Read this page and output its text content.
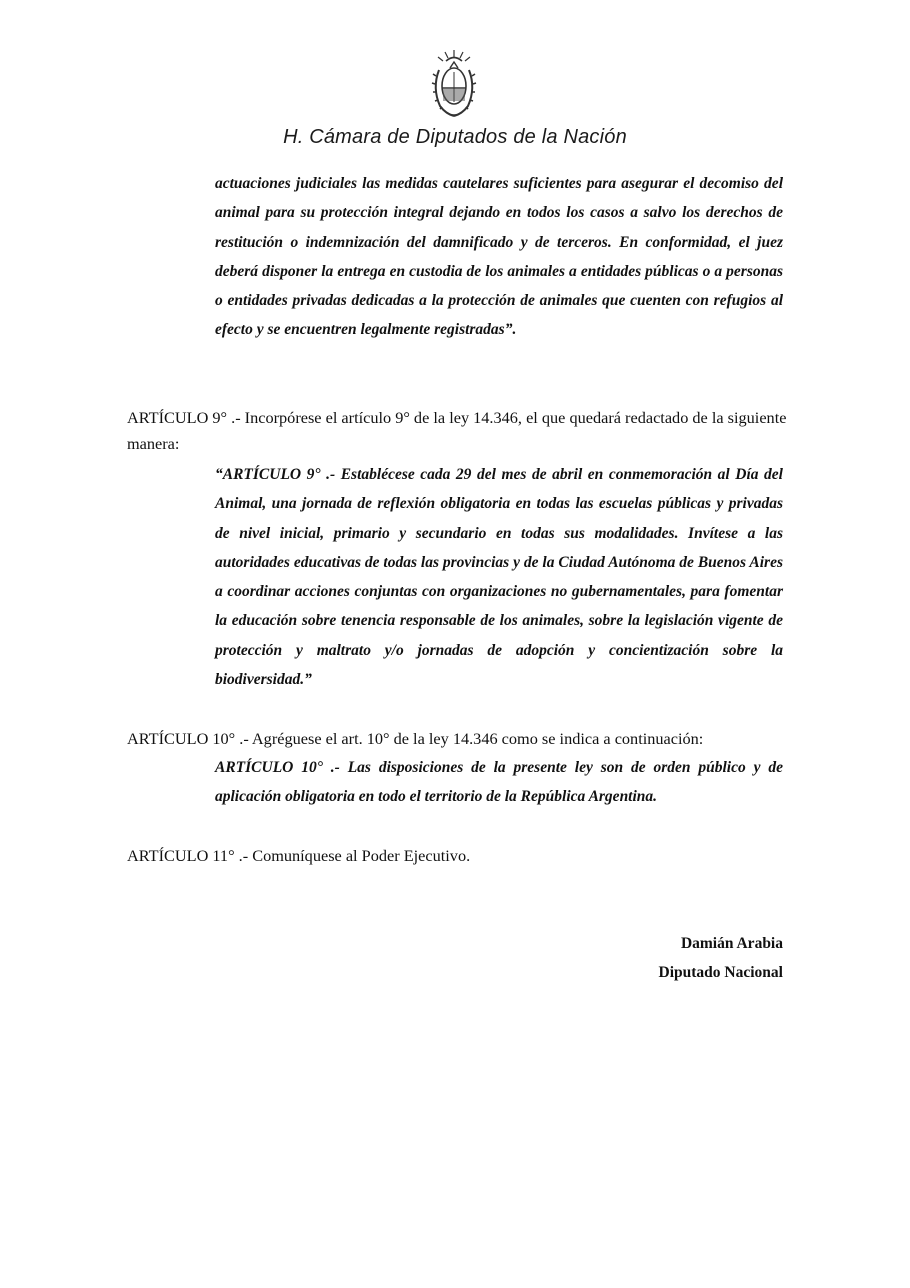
H. Cámara de Diputados de la Nación

actuaciones judiciales las medidas cautelares suficientes para asegurar el decomiso del animal para su protección integral dejando en todos los casos a salvo los derechos de restitución o indemnización del damnificado y de terceros. En conformidad, el juez deberá disponer la entrega en custodia de los animales a entidades públicas o a personas o entidades privadas dedicadas a la protección de animales que cuenten con refugios al efecto y se encuentren legalmente registradas”.

ARTÍCULO 9° .- Incorpórese el artículo 9° de la ley 14.346, el que quedará redactado de la siguiente manera:

“ARTÍCULO 9° .- Establécese cada 29 del mes de abril en conmemoración al Día del Animal, una jornada de reflexión obligatoria en todas las escuelas públicas y privadas de nivel inicial, primario y secundario en todas sus modalidades. Invítese a las autoridades educativas de todas las provincias y de la Ciudad Autónoma de Buenos Aires a coordinar acciones conjuntas con organizaciones no gubernamentales, para fomentar la educación sobre tenencia responsable de los animales, sobre la legislación vigente de protección y maltrato y/o jornadas de adopción y concientización sobre la biodiversidad.”

ARTÍCULO 10° .- Agréguese el art. 10° de la ley 14.346 como se indica a continuación:

ARTÍCULO 10° .- Las disposiciones de la presente ley son de orden público y de aplicación obligatoria en todo el territorio de la República Argentina.

ARTÍCULO 11° .- Comuníquese al Poder Ejecutivo.

Damián Arabia
Diputado Nacional
